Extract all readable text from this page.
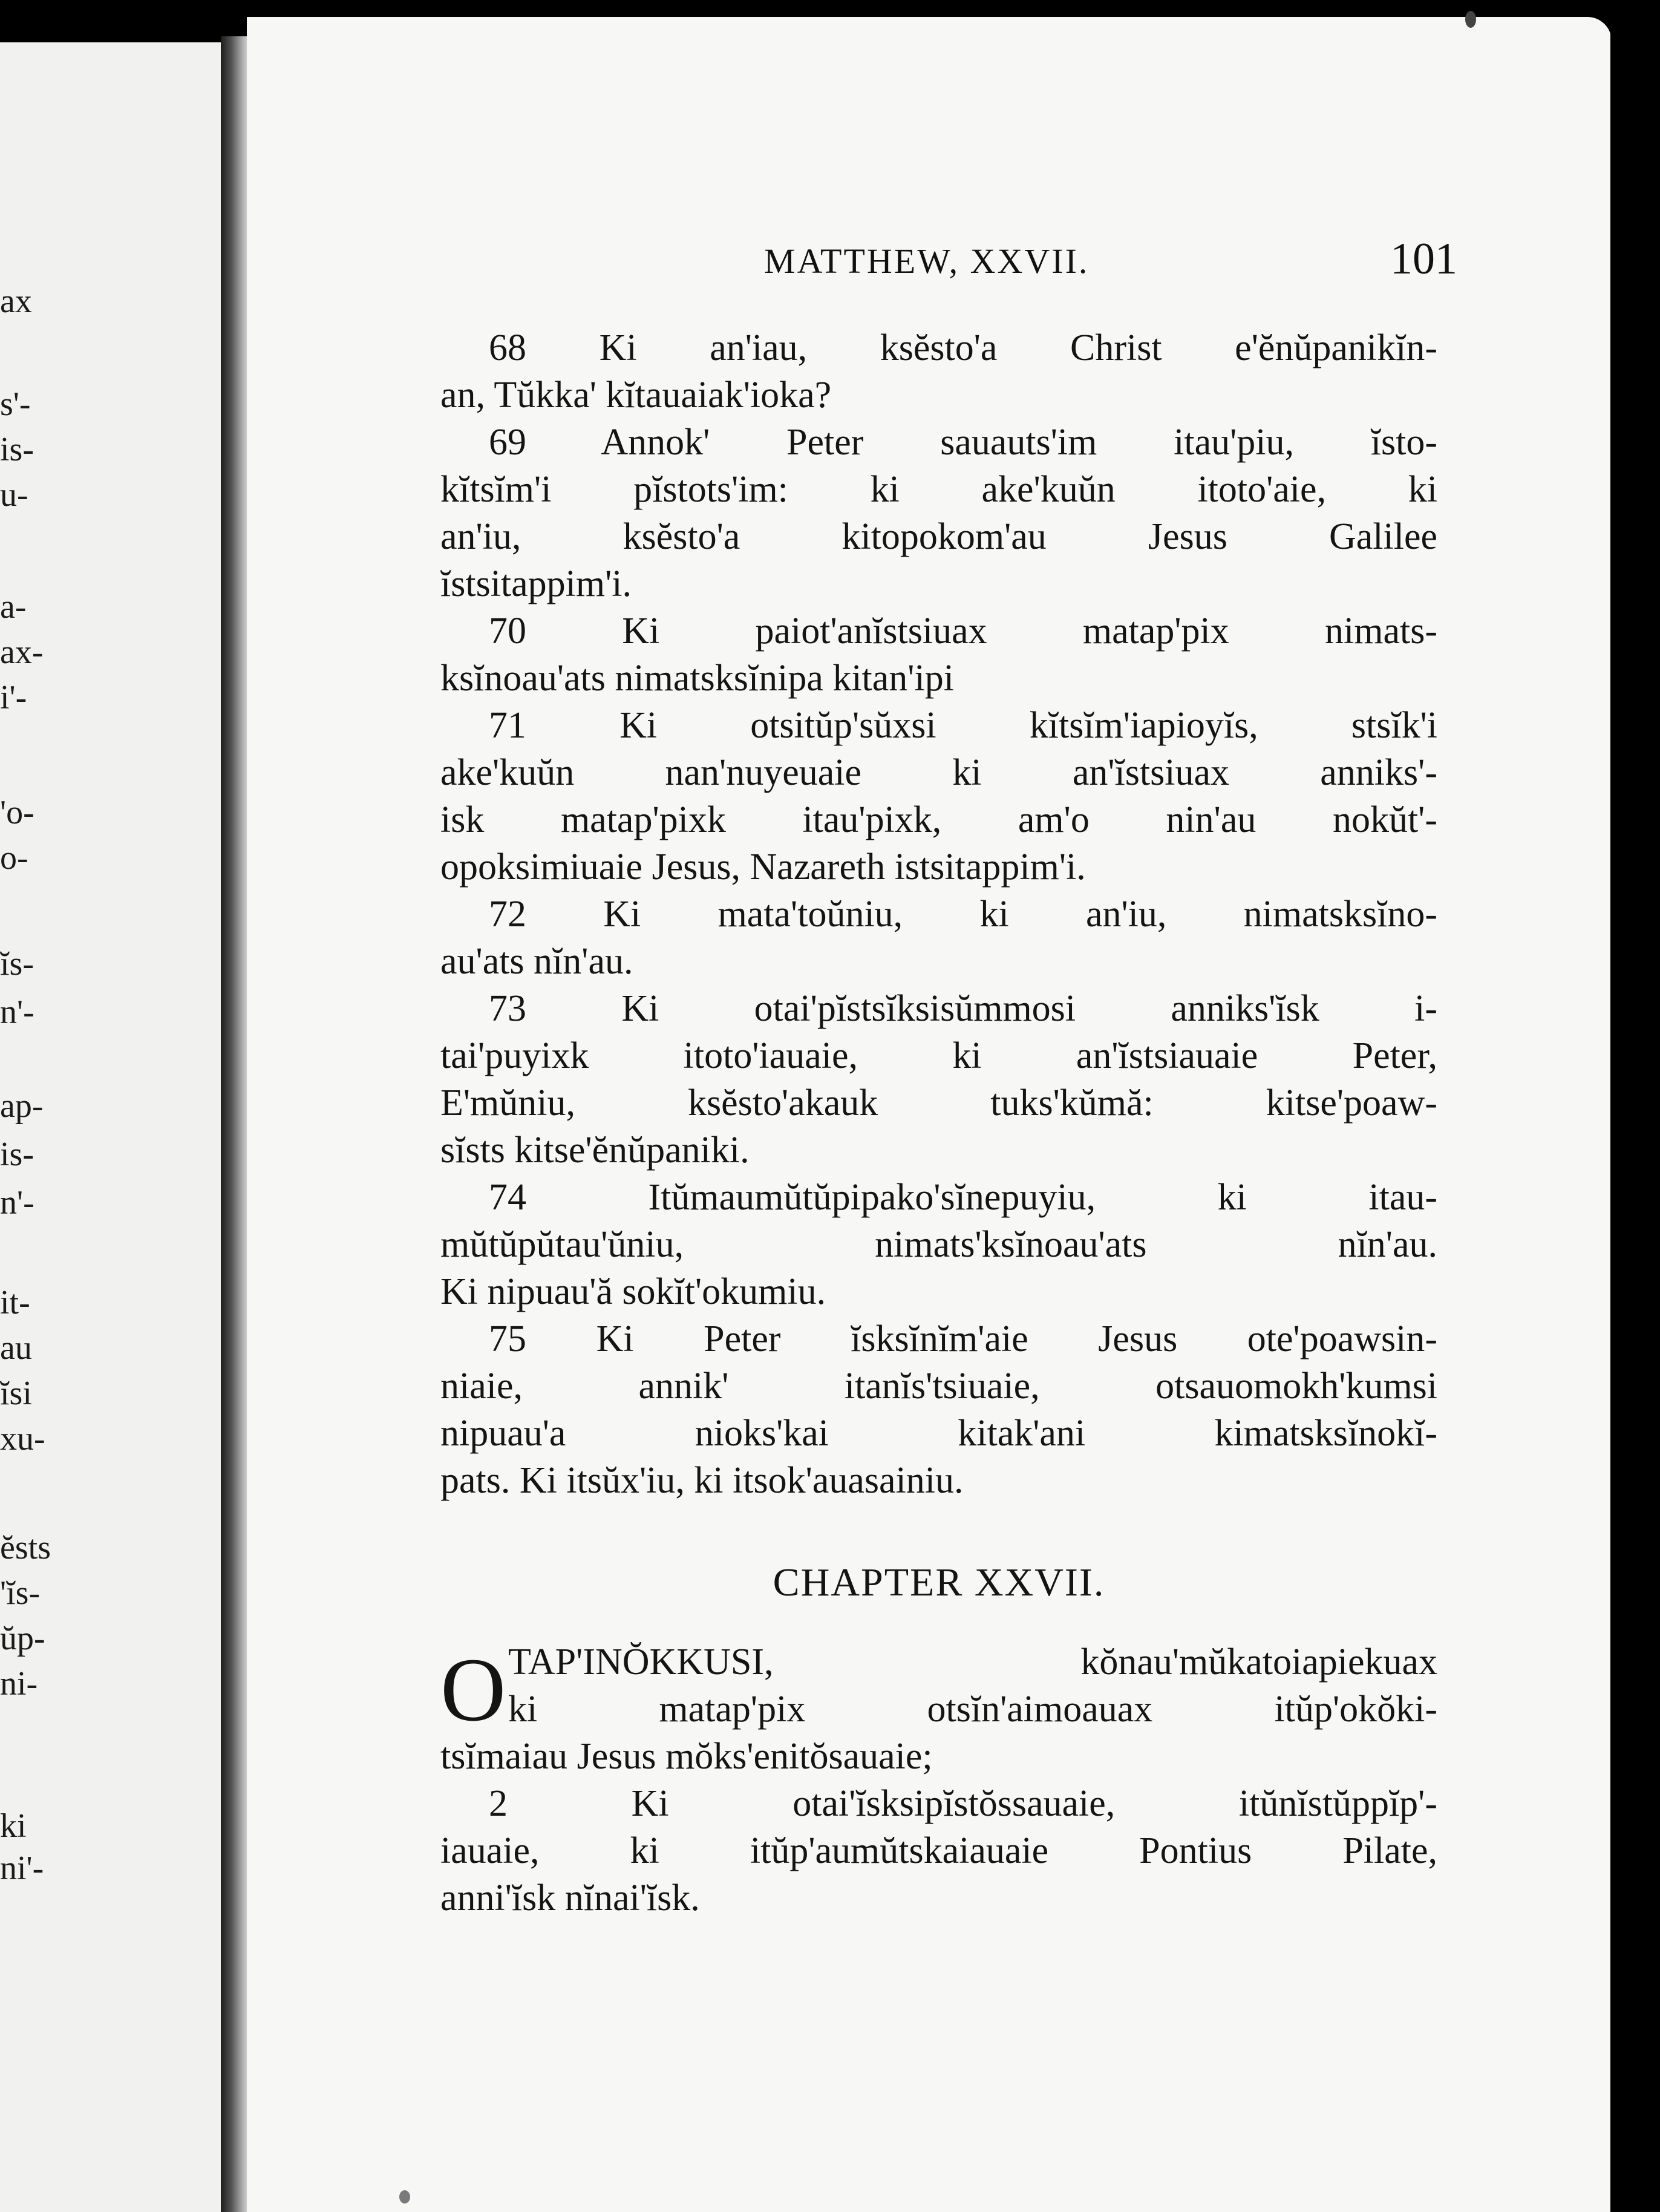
ax
s'-
is-
u-
a-
ax-
i'-
'o-
o-
ĭs-
n'-
ap-
is-
n'-
it-
au
ĭsi
xu-
ĕsts
'ĭs-
ŭp-
ni-
ki
ni'-
MATTHEW, XXVII.	101
68 Ki an'iau, ksĕsto'a Christ e'ĕnŭpanikĭn-
an, Tŭkka' kĭtauaiak'ioka?
69 Annok' Peter sauauts'im itau'piu, ĭsto-
kĭtsĭm'i pĭstots'im: ki ake'kuŭn itoto'aie, ki
an'iu, ksĕsto'a kitopokom'au Jesus Galilee
ĭstsitappim'i.
70 Ki paiot'anĭstsiuax matap'pix nimats-
ksĭnoau'ats nimatsksĭnipa kitan'ipi
71 Ki otsitŭp'sŭxsi kĭtsĭm'iapioyĭs, stsĭk'i
ake'kuŭn nan'nuyeuaie ki an'ĭstsiuax anniks'-
isk matap'pixk itau'pixk, am'o nin'au nokŭt'-
opoksimiuaie Jesus, Nazareth istsitappim'i.
72 Ki mata'toŭniu, ki an'iu, nimatsksĭno-
au'ats nĭn'au.
73 Ki otai'pĭstsĭksisŭmmosi anniks'ĭsk i-
tai'puyixk itoto'iauaie, ki an'ĭstsiauaie Peter,
E'mŭniu, ksĕsto'akauk tuks'kŭmă: kitse'poaw-
sĭsts kitse'ĕnŭpaniki.
74 Itŭmaumŭtŭpipako'sĭnepuyiu, ki itau-
mŭtŭpŭtau'ŭniu, nimats'ksĭnoau'ats nĭn'au.
Ki nipuau'ă sokĭt'okumiu.
75 Ki Peter ĭsksĭnĭm'aie Jesus ote'poawsin-
niaie, annik' itanĭs'tsiuaie, otsauomokh'kumsi
nipuau'a nioks'kai kitak'ani kimatsksĭnokĭ-
pats. Ki itsŭx'iu, ki itsok'auasainiu.
CHAPTER XXVII.
O TAP'INŎKKUSI, kŏnau'mŭkatoiapiekuax
ki matap'pix otsĭn'aimoauax itŭp'okŏki-
tsĭmaiau Jesus mŏks'enitŏsauaie;
2 Ki otai'ĭsksipĭstŏssauaie, itŭnĭstŭppĭp'-
iauaie, ki itŭp'aumŭtskaiauaie Pontius Pilate,
anni'ĭsk nĭnai'ĭsk.
